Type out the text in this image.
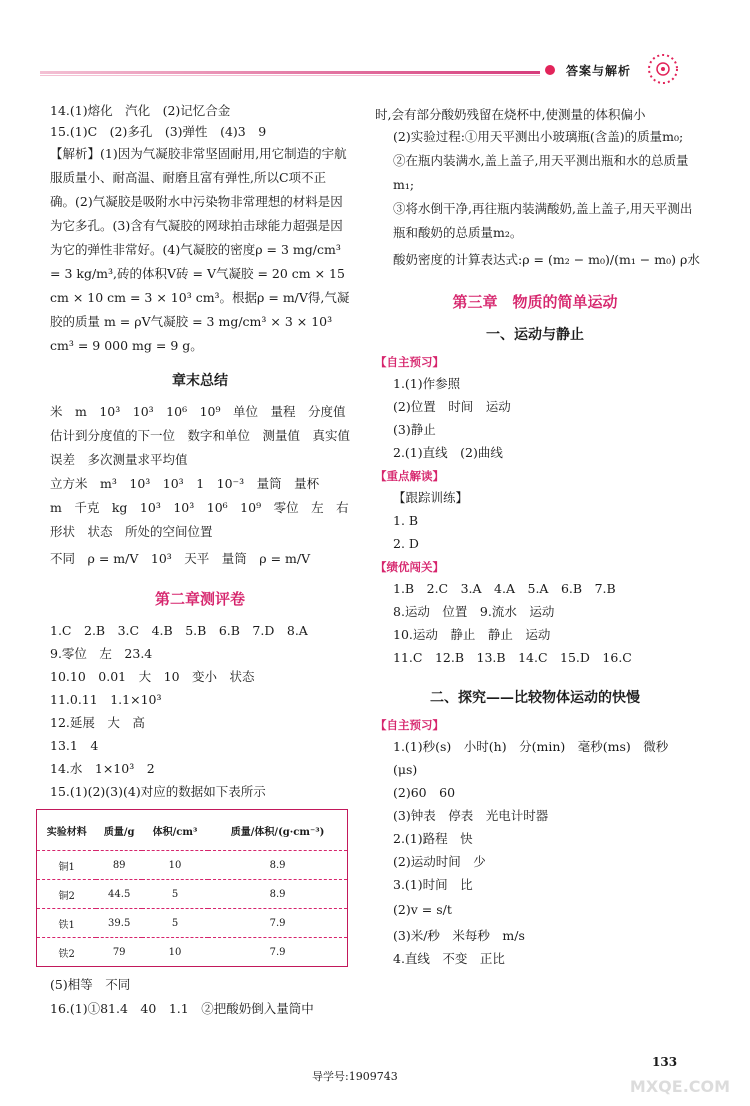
答案与解析
14.(1)熔化　汽化　(2)记忆合金
15.(1)C　(2)多孔　(3)弹性　(4)3　9
【解析】(1)因为气凝胶非常坚固耐用,用它制造的宇航服质量小、耐高温、耐磨且富有弹性,所以C项不正确。(2)气凝胶是吸附水中污染物非常理想的材料是因为它多孔。(3)含有气凝胶的网球拍击球能力超强是因为它的弹性非常好。(4)气凝胶的密度ρ = 3 mg/cm³ = 3 kg/m³,砖的体积V砖 = V气凝胶 = 20 cm × 15 cm × 10 cm = 3 × 10³ cm³。根据ρ = m/V得,气凝胶的质量 m = ρV气凝胶 = 3 mg/cm³ × 3 × 10³ cm³ = 9 000 mg = 9 g。
章末总结
米　m　10³　10³　10⁶　10⁹　单位　量程　分度值
估计到分度值的下一位　数字和单位　测量值　真实值
误差　多次测量求平均值
立方米　m³　10³　10³　1　10⁻³　量筒　量杯
m　千克　kg　10³　10³　10⁶　10⁹　零位　左　右
形状　状态　所处的空间位置
不同　ρ = m/V　10³　天平　量筒　ρ = m/V
第二章测评卷
1.C　2.B　3.C　4.B　5.B　6.B　7.D　8.A
9.零位　左　23.4
10.10　0.01　大　10　变小　状态
11.0.11　1.1×10³
12.延展　大　高
13.1　4
14.水　1×10³　2
15.(1)(2)(3)(4)对应的数据如下表所示
实验材料	质量/g	体积/cm³	质量/体积/(g·cm⁻³)
铜1	89	10	8.9
铜2	44.5	5	8.9
铁1	39.5	5	7.9
铁2	79	10	7.9
(5)相等　不同
16.(1)①81.4　40　1.1　②把酸奶倒入量筒中
时,会有部分酸奶残留在烧杯中,使测量的体积偏小
(2)实验过程:①用天平测出小玻璃瓶(含盖)的质量m₀;
②在瓶内装满水,盖上盖子,用天平测出瓶和水的总质量m₁;
③将水倒干净,再往瓶内装满酸奶,盖上盖子,用天平测出瓶和酸奶的总质量m₂。
酸奶密度的计算表达式:ρ = (m₂ − m₀)/(m₁ − m₀) ρ水
第三章　物质的简单运动
一、运动与静止
【自主预习】
1.(1)作参照
(2)位置　时间　运动
(3)静止
2.(1)直线　(2)曲线
【重点解读】
【跟踪训练】
1. B
2. D
【绩优闯关】
1.B　2.C　3.A　4.A　5.A　6.B　7.B
8.运动　位置　9.流水　运动
10.运动　静止　静止　运动
11.C　12.B　13.B　14.C　15.D　16.C
二、探究——比较物体运动的快慢
【自主预习】
1.(1)秒(s)　小时(h)　分(min)　毫秒(ms)　微秒
(μs)
(2)60　60
(3)钟表　停表　光电计时器
2.(1)路程　快
(2)运动时间　少
3.(1)时间　比
(2)v = s/t
(3)米/秒　米每秒　m/s
4.直线　不变　正比
导学号:1909743
133
MXQE.COM
